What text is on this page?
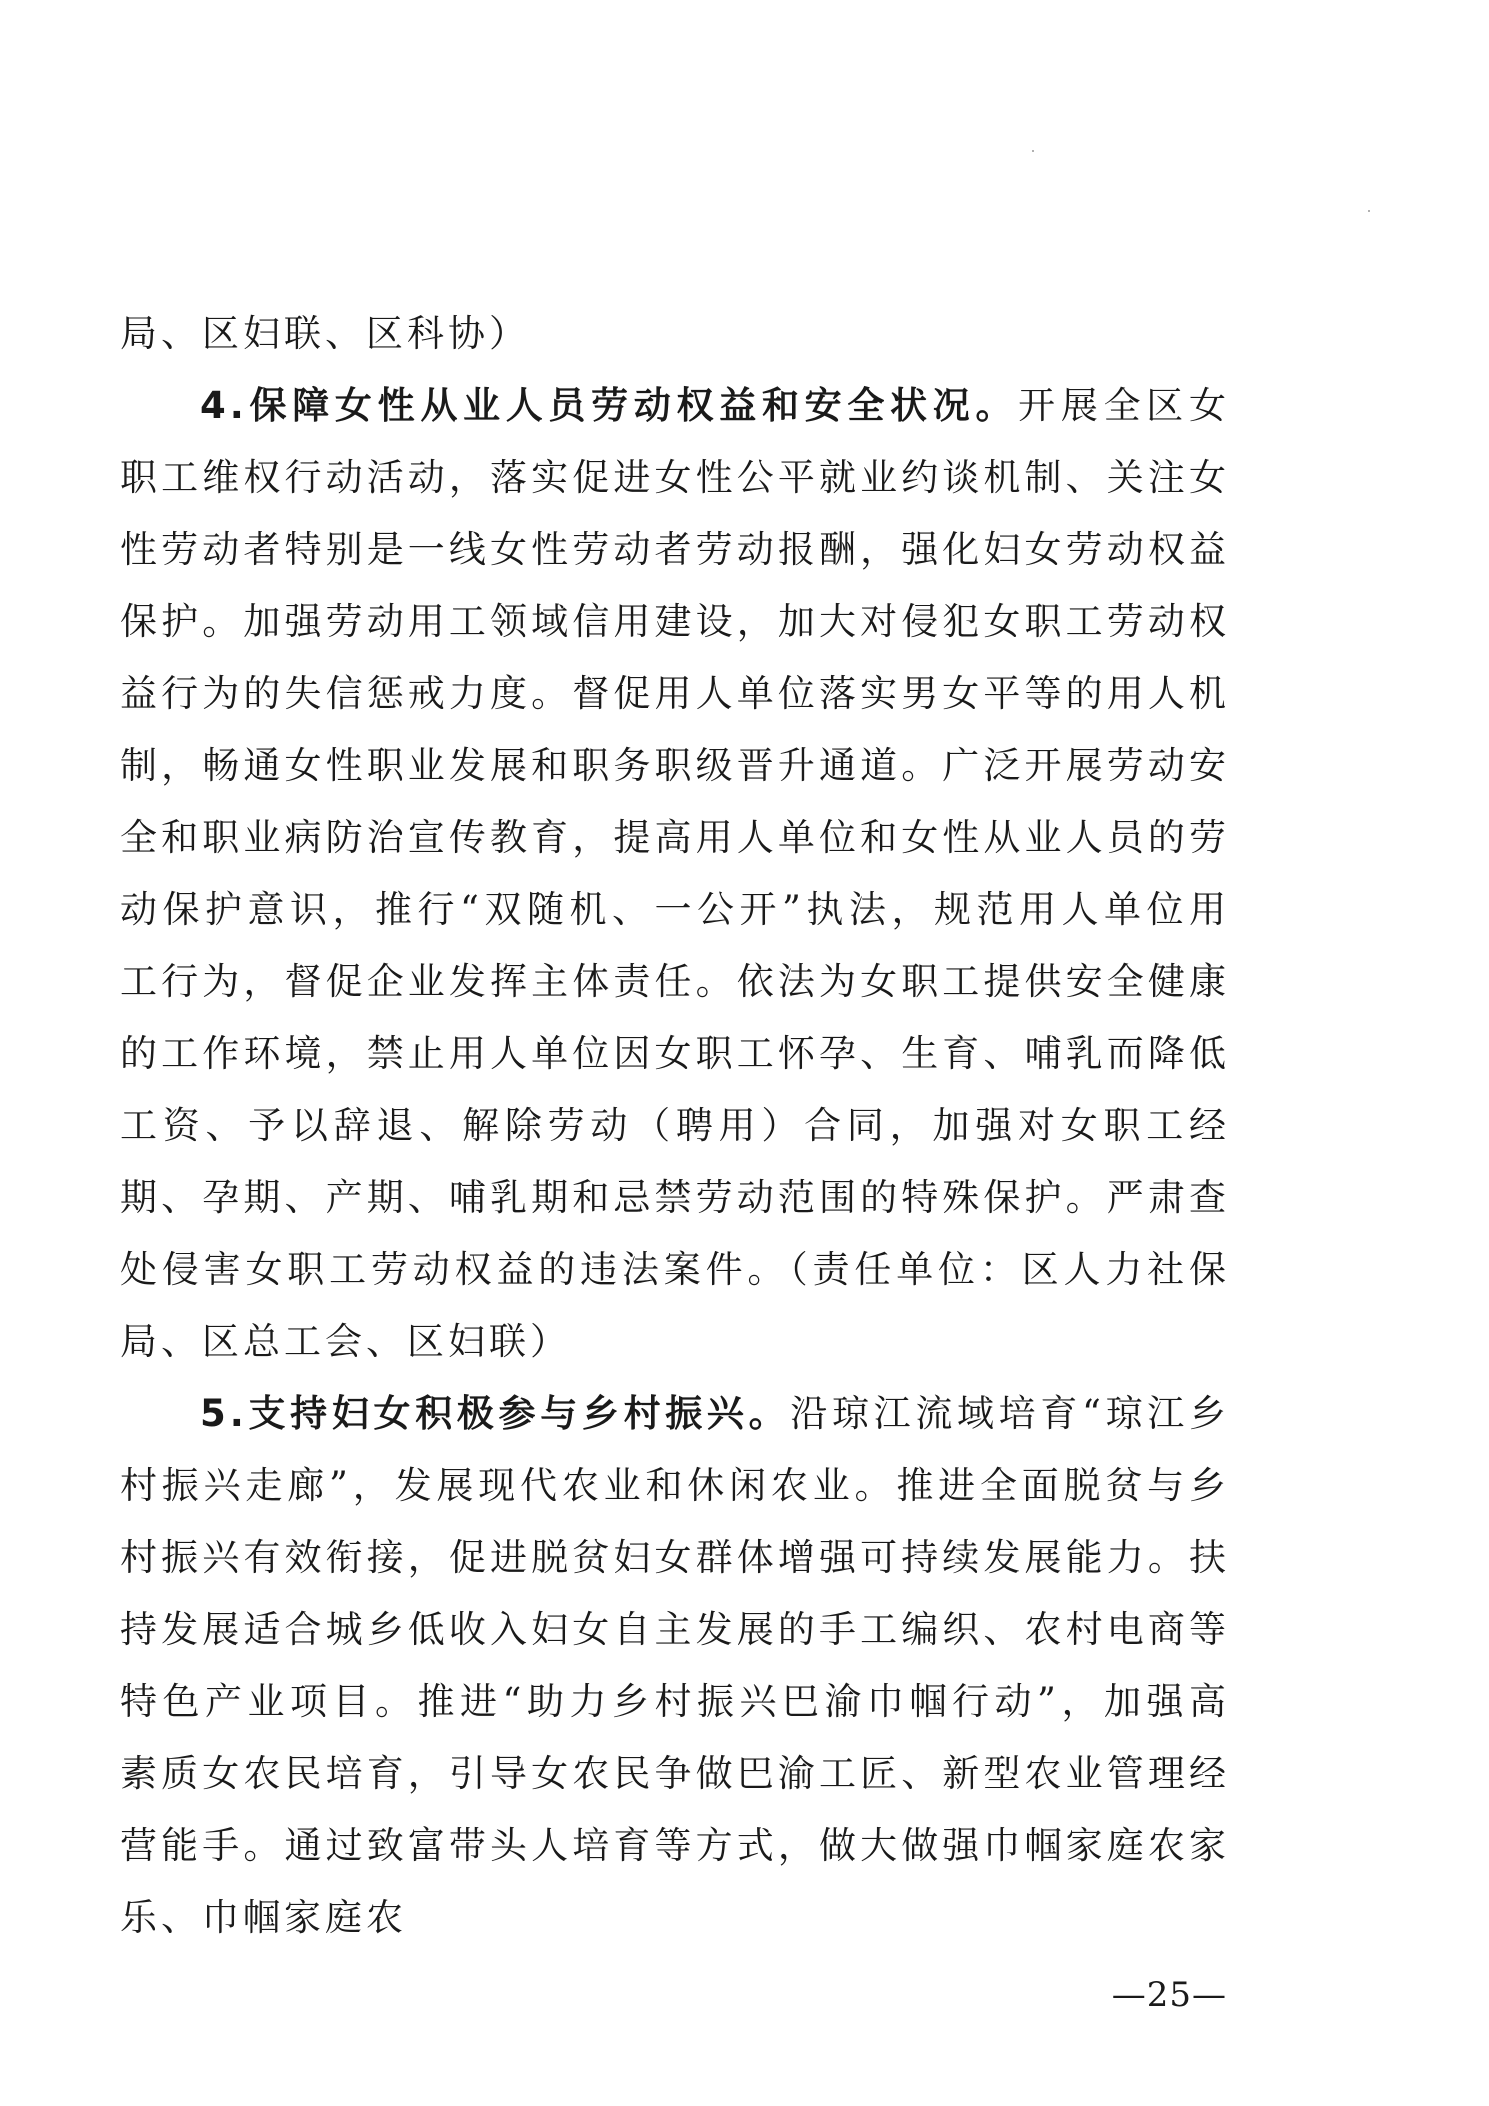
局、区妇联、区科协）

4.保障女性从业人员劳动权益和安全状况。开展全区女职工维权行动活动，落实促进女性公平就业约谈机制、关注女性劳动者特别是一线女性劳动者劳动报酬，强化妇女劳动权益保护。加强劳动用工领域信用建设，加大对侵犯女职工劳动权益行为的失信惩戒力度。督促用人单位落实男女平等的用人机制，畅通女性职业发展和职务职级晋升通道。广泛开展劳动安全和职业病防治宣传教育，提高用人单位和女性从业人员的劳动保护意识，推行“双随机、一公开”执法，规范用人单位用工行为，督促企业发挥主体责任。依法为女职工提供安全健康的工作环境，禁止用人单位因女职工怀孕、生育、哺乳而降低工资、予以辞退、解除劳动（聘用）合同，加强对女职工经期、孕期、产期、哺乳期和忌禁劳动范围的特殊保护。严肃查处侵害女职工劳动权益的违法案件。（责任单位：区人力社保局、区总工会、区妇联）

5.支持妇女积极参与乡村振兴。沿琼江流域培育“琼江乡村振兴走廊”，发展现代农业和休闲农业。推进全面脱贫与乡村振兴有效衔接，促进脱贫妇女群体增强可持续发展能力。扶持发展适合城乡低收入妇女自主发展的手工编织、农村电商等特色产业项目。推进“助力乡村振兴巴渝巾帼行动”，加强高素质女农民培育，引导女农民争做巴渝工匠、新型农业管理经营能手。通过致富带头人培育等方式，做大做强巾帼家庭农家乐、巾帼家庭农

—25—
